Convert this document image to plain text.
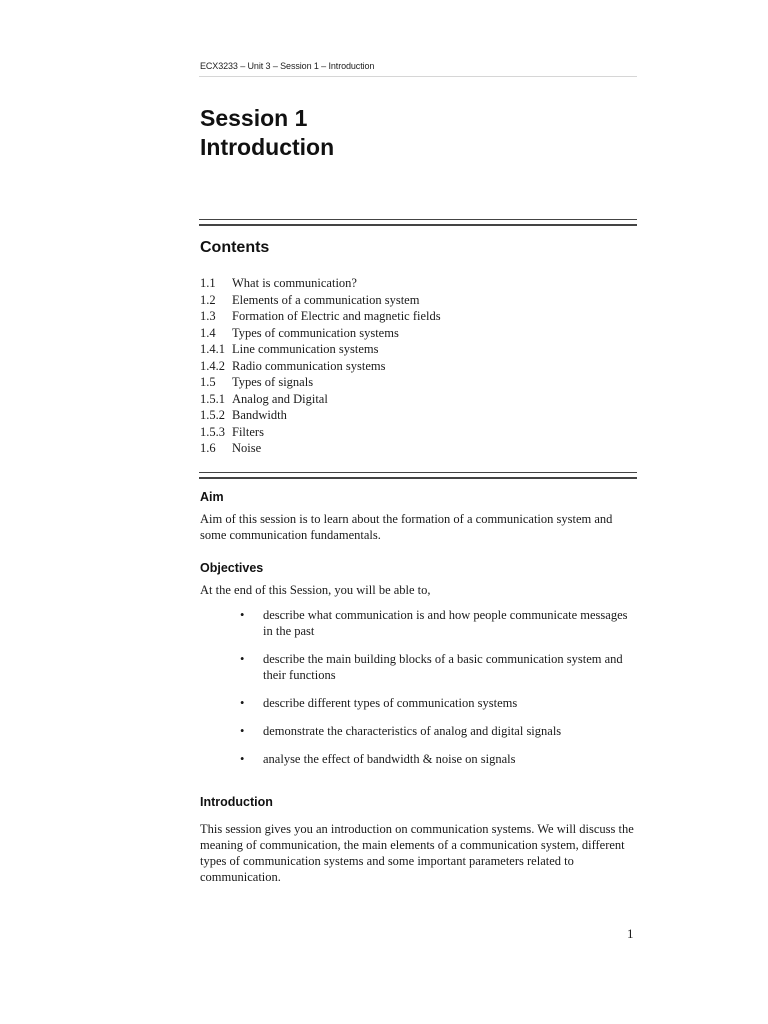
ECX3233 – Unit 3 – Session 1 – Introduction
Session 1
Introduction
Contents
1.1	What is communication?
1.2	Elements of a communication system
1.3	Formation of Electric and magnetic fields
1.4	Types of communication systems
1.4.1 Line communication systems
1.4.2 Radio communication systems
1.5	Types of signals
1.5.1 Analog and Digital
1.5.2 Bandwidth
1.5.3 Filters
1.6	Noise
Aim

Aim of this session is to learn about the formation of a communication system and some communication fundamentals.

Objectives

At the end of this Session, you will be able to,

• describe what communication is and how people communicate messages in the past
• describe the main building blocks of a basic communication system and their functions
• describe different types of communication systems
• demonstrate the characteristics of analog and digital signals
• analyse the effect of bandwidth & noise on signals
Introduction

This session gives you an introduction on communication systems. We will discuss the meaning of communication, the main elements of a communication system, different types of communication systems and some important parameters related to communication.

1
